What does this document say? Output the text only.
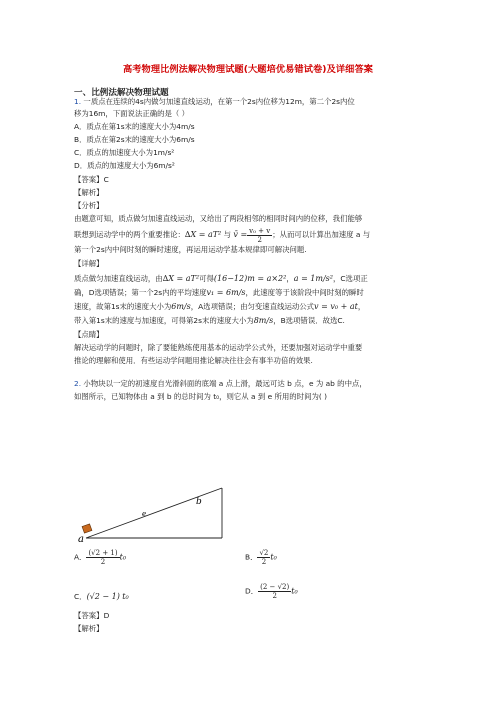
高考物理比例法解决物理试题(大题培优易错试卷)及详细答案
一、比例法解决物理试题
1. 一质点在连续的4s内做匀加速直线运动，在第一个2s内位移为12m，第二个2s内位
移为16m，下面说法正确的是（ ）
A．质点在第1s末的速度大小为4m/s
B．质点在第2s末的速度大小为6m/s
C．质点的加速度大小为1m/s²
D．质点的加速度大小为6m/s²
【答案】C
【解析】
【分析】
由题意可知，质点做匀加速直线运动，又给出了两段相邻的相同时间内的位移，我们能够
联想到运动学中的两个重要推论：∆X = aT² 与 v̄ = $\frac{\text{v₀ + v}}{2}$ ；从而可以计算出加速度 a 与
第一个2s内中间时刻的瞬时速度，再运用运动学基本规律即可解决问题.
【详解】
质点做匀加速直线运动，由∆X = aT²可得(16−12)m = a×2²，a = 1m/s²，C选项正
确，D选项错误；第一个2s内的平均速度v₁ = 6m/s，此速度等于该阶段中间时刻的瞬时
速度，故第1s末的速度大小为6m/s，A选项错误；由匀变速直线运动公式v = v₀ + at，
带入第1s末的速度与加速度，可得第2s末的速度大小为8m/s，B选项错误．故选C.
【点睛】
解决运动学的问题时，除了要能熟练使用基本的运动学公式外，还要加强对运动学中重要
推论的理解和使用．有些运动学问题用推论解决往往会有事半功倍的效果.
2. 小物块以一定的初速度自光滑斜面的底端 a 点上滑，最远可达 b 点，e 为 ab 的中点，
如图所示，已知物体由 a 到 b 的总时间为 t₀，则它从 a 到 e 所用的时间为( )
b
e
a
A． $\frac{(√2 + 1)}{2} t_0$	B． $\frac{√2}{2} t_0$
C．(√2 − 1) t₀
D． $\frac{(2 - √2)}{2} t_0$
【答案】D
【解析】
